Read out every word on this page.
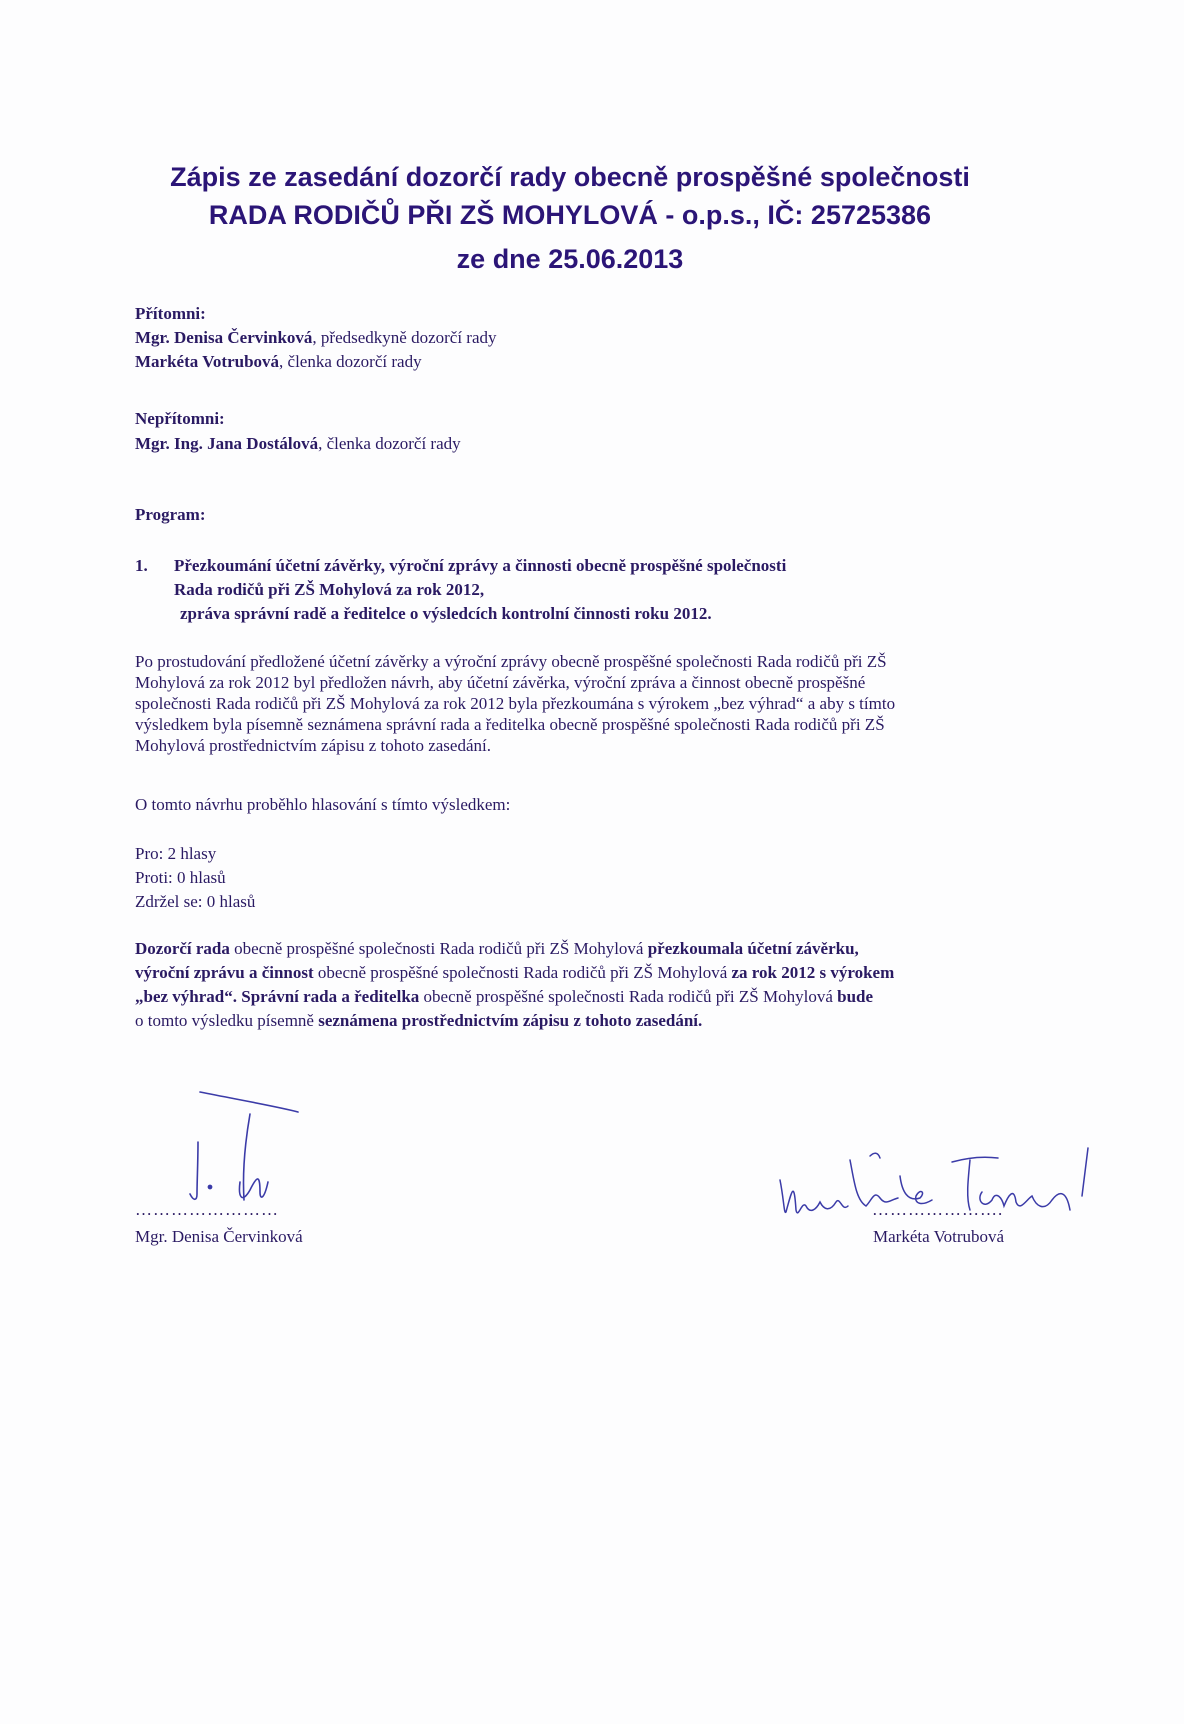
Zápis ze zasedání dozorčí rady obecně prospěšné společnosti
RADA RODIČŮ PŘI ZŠ MOHYLOVÁ - o.p.s., IČ: 25725386
ze dne 25.06.2013
Přítomni:
Mgr. Denisa Červinková, předsedkyně dozorčí rady
Markéta Votrubová, členka dozorčí rady
Nepřítomni:
Mgr. Ing. Jana Dostálová, členka dozorčí rady
Program:
1. Přezkoumání účetní závěrky, výroční zprávy a činnosti obecně prospěšné společnosti
Rada rodičů při ZŠ Mohylová za rok 2012,
zpráva správní radě a ředitelce o výsledcích kontrolní činnosti roku 2012.

Po prostudování předložené účetní závěrky a výroční zprávy obecně prospěšné společnosti Rada rodičů při ZŠ

Mohylová za rok 2012 byl předložen návrh, aby účetní závěrka, výroční zpráva a činnost obecně prospěšné

společnosti Rada rodičů při ZŠ Mohylová za rok 2012 byla přezkoumána s výrokem „bez výhrad“ a aby s tímto

výsledkem byla písemně seznámena správní rada a ředitelka obecně prospěšné společnosti Rada rodičů při ZŠ

Mohylová prostřednictvím zápisu z tohoto zasedání.

O tomto návrhu proběhlo hlasování s tímto výsledkem:
Pro: 2 hlasy
Proti: 0 hlasů
Zdržel se: 0 hlasů

Dozorčí rada obecně prospěšné společnosti Rada rodičů při ZŠ Mohylová přezkoumala účetní závěrku,

výroční zprávu a činnost obecně prospěšné společnosti Rada rodičů při ZŠ Mohylová za rok 2012 s výrokem

„bez výhrad“. Správní rada a ředitelka obecně prospěšné společnosti Rada rodičů při ZŠ Mohylová bude

o tomto výsledku písemně seznámena prostřednictvím zápisu z tohoto zasedání.

……………………
Mgr. Denisa Červinková
………………….
Markéta Votrubová
